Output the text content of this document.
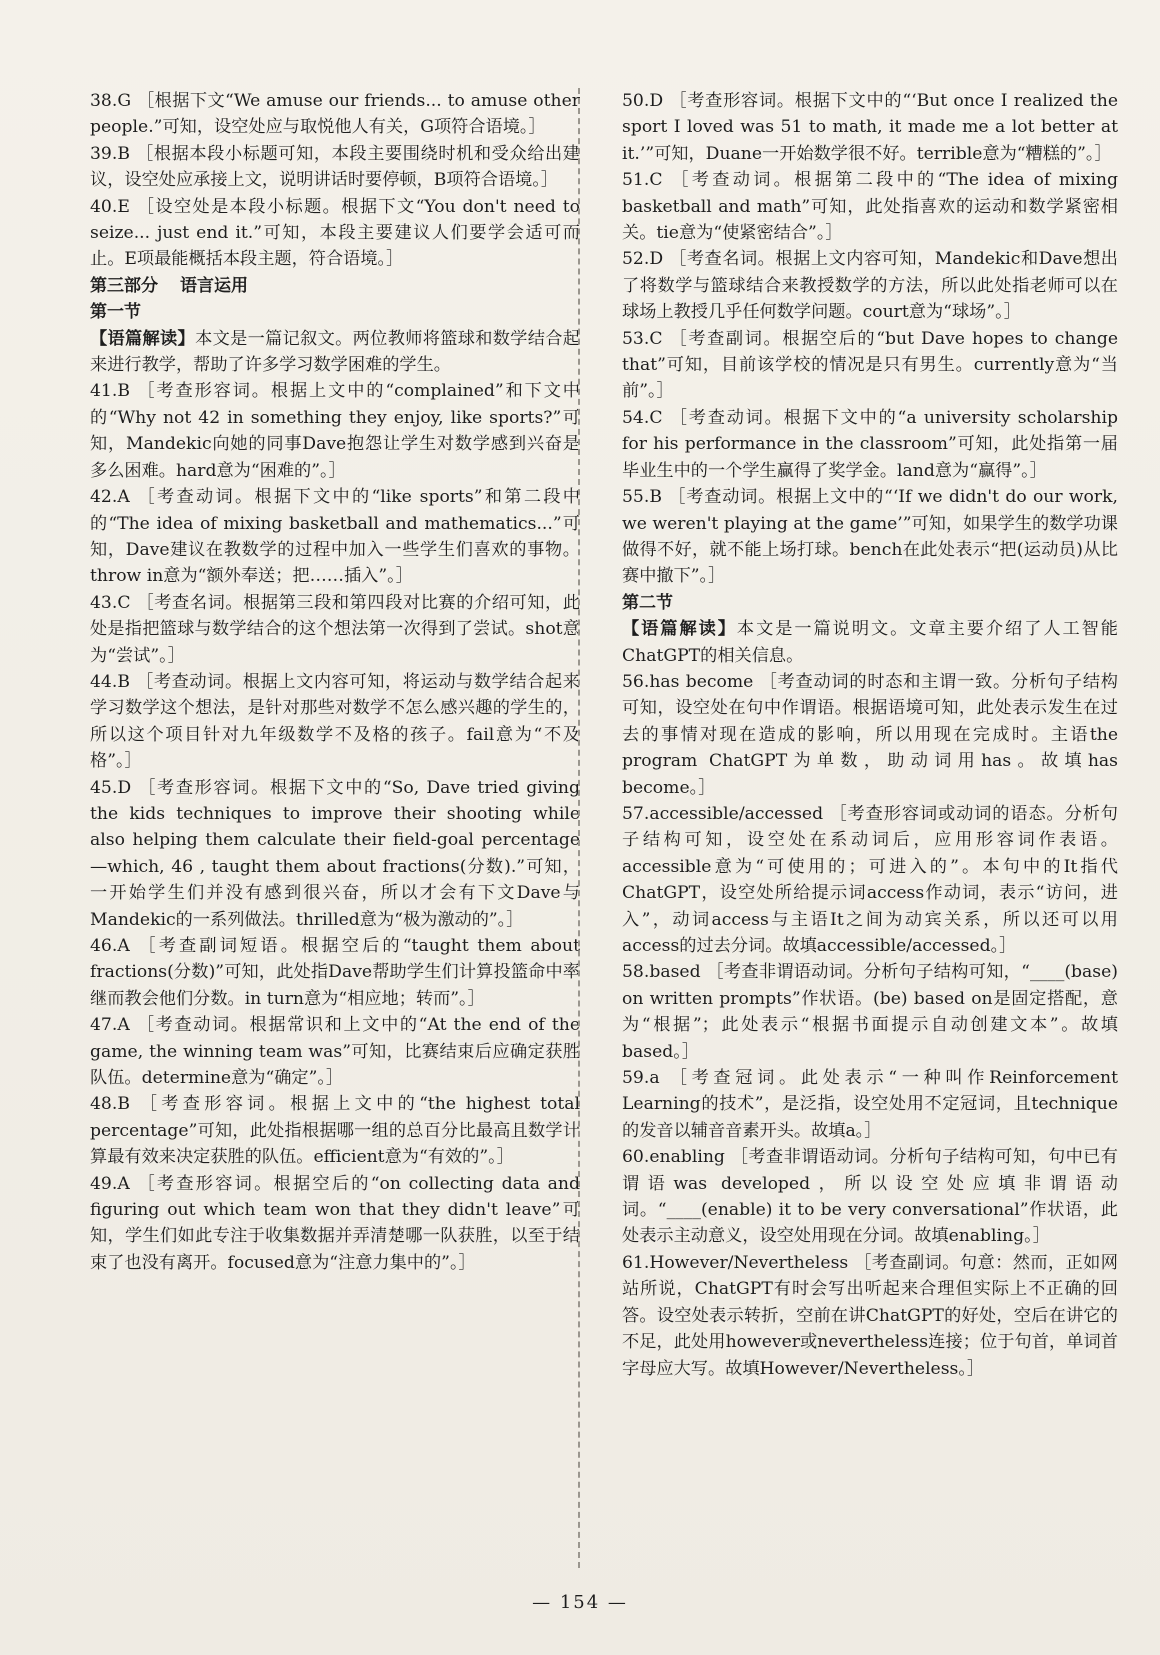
38.G ［根据下文“We amuse our friends... to amuse other people.”可知，设空处应与取悦他人有关，G项符合语境。］

39.B ［根据本段小标题可知，本段主要围绕时机和受众给出建议，设空处应承接上文，说明讲话时要停顿，B项符合语境。］

40.E ［设空处是本段小标题。根据下文“You don't need to seize... just end it.”可知，本段主要建议人们要学会适可而止。E项最能概括本段主题，符合语境。］

第三部分 语言运用

第一节

【语篇解读】本文是一篇记叙文。两位教师将篮球和数学结合起来进行教学，帮助了许多学习数学困难的学生。

41.B ［考查形容词。根据上文中的“complained”和下文中的“Why not 42 in something they enjoy, like sports?”可知，Mandekic向她的同事Dave抱怨让学生对数学感到兴奋是多么困难。hard意为“困难的”。］

42.A ［考查动词。根据下文中的“like sports”和第二段中的“The idea of mixing basketball and mathematics...”可知，Dave建议在教数学的过程中加入一些学生们喜欢的事物。throw in意为“额外奉送；把……插入”。］

43.C ［考查名词。根据第三段和第四段对比赛的介绍可知，此处是指把篮球与数学结合的这个想法第一次得到了尝试。shot意为“尝试”。］

44.B ［考查动词。根据上文内容可知，将运动与数学结合起来学习数学这个想法，是针对那些对数学不怎么感兴趣的学生的，所以这个项目针对九年级数学不及格的孩子。fail意为“不及格”。］

45.D ［考查形容词。根据下文中的“So, Dave tried giving the kids techniques to improve their shooting while also helping them calculate their field-goal percentage—which, 46 , taught them about fractions(分数).”可知，一开始学生们并没有感到很兴奋，所以才会有下文Dave与Mandekic的一系列做法。thrilled意为“极为激动的”。］

46.A ［考查副词短语。根据空后的“taught them about fractions(分数)”可知，此处指Dave帮助学生们计算投篮命中率继而教会他们分数。in turn意为“相应地；转而”。］

47.A ［考查动词。根据常识和上文中的“At the end of the game, the winning team was”可知，比赛结束后应确定获胜队伍。determine意为“确定”。］

48.B ［考查形容词。根据上文中的“the highest total percentage”可知，此处指根据哪一组的总百分比最高且数学计算最有效来决定获胜的队伍。efficient意为“有效的”。］

49.A ［考查形容词。根据空后的“on collecting data and figuring out which team won that they didn't leave”可知，学生们如此专注于收集数据并弄清楚哪一队获胜，以至于结束了也没有离开。focused意为“注意力集中的”。］

50.D ［考查形容词。根据下文中的“‘But once I realized the sport I loved was 51 to math, it made me a lot better at it.’”可知，Duane一开始数学很不好。terrible意为“糟糕的”。］

51.C ［考查动词。根据第二段中的“The idea of mixing basketball and math”可知，此处指喜欢的运动和数学紧密相关。tie意为“使紧密结合”。］

52.D ［考查名词。根据上文内容可知，Mandekic和Dave想出了将数学与篮球结合来教授数学的方法，所以此处指老师可以在球场上教授几乎任何数学问题。court意为“球场”。］

53.C ［考查副词。根据空后的“but Dave hopes to change that”可知，目前该学校的情况是只有男生。currently意为“当前”。］

54.C ［考查动词。根据下文中的“a university scholarship for his performance in the classroom”可知，此处指第一届毕业生中的一个学生赢得了奖学金。land意为“赢得”。］

55.B ［考查动词。根据上文中的“‘If we didn't do our work, we weren't playing at the game’”可知，如果学生的数学功课做得不好，就不能上场打球。bench在此处表示“把(运动员)从比赛中撤下”。］

第二节

【语篇解读】本文是一篇说明文。文章主要介绍了人工智能ChatGPT的相关信息。

56.has become ［考查动词的时态和主谓一致。分析句子结构可知，设空处在句中作谓语。根据语境可知，此处表示发生在过去的事情对现在造成的影响，所以用现在完成时。主语the program ChatGPT为单数，助动词用has。故填has become。］

57.accessible/accessed ［考查形容词或动词的语态。分析句子结构可知，设空处在系动词后，应用形容词作表语。accessible意为“可使用的；可进入的”。本句中的It指代ChatGPT，设空处所给提示词access作动词，表示“访问，进入”，动词access与主语It之间为动宾关系，所以还可以用access的过去分词。故填accessible/accessed。］

58.based ［考查非谓语动词。分析句子结构可知，“____(base) on written prompts”作状语。(be) based on是固定搭配，意为“根据”；此处表示“根据书面提示自动创建文本”。故填based。］

59.a ［考查冠词。此处表示“一种叫作Reinforcement Learning的技术”，是泛指，设空处用不定冠词，且technique的发音以辅音音素开头。故填a。］

60.enabling ［考查非谓语动词。分析句子结构可知，句中已有谓语was developed，所以设空处应填非谓语动词。“____(enable) it to be very conversational”作状语，此处表示主动意义，设空处用现在分词。故填enabling。］

61.However/Nevertheless ［考查副词。句意：然而，正如网站所说，ChatGPT有时会写出听起来合理但实际上不正确的回答。设空处表示转折，空前在讲ChatGPT的好处，空后在讲它的不足，此处用however或nevertheless连接；位于句首，单词首字母应大写。故填However/Nevertheless。］

— 154 —
